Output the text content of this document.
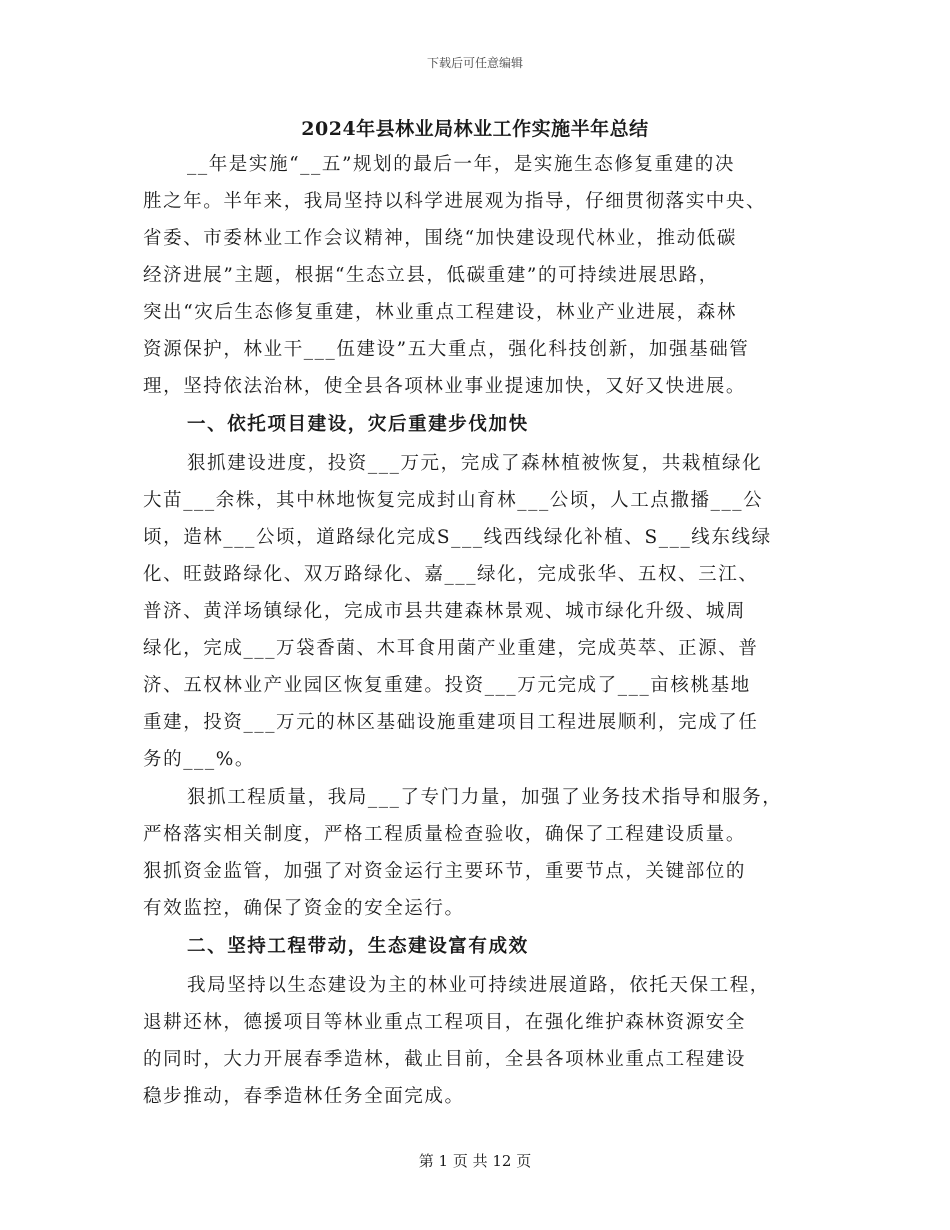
下载后可任意编辑
2024年县林业局林业工作实施半年总结
__年是实施“__五”规划的最后一年，是实施生态修复重建的决
胜之年。半年来，我局坚持以科学进展观为指导，仔细贯彻落实中央、
省委、市委林业工作会议精神，围绕“加快建设现代林业，推动低碳
经济进展”主题，根据“生态立县，低碳重建”的可持续进展思路，
突出“灾后生态修复重建，林业重点工程建设，林业产业进展，森林
资源保护，林业干___伍建设”五大重点，强化科技创新，加强基础管
理，坚持依法治林，使全县各项林业事业提速加快，又好又快进展。
一、依托项目建设，灾后重建步伐加快
狠抓建设进度，投资___万元，完成了森林植被恢复，共栽植绿化
大苗___余株，其中林地恢复完成封山育林___公顷，人工点撒播___公
顷，造林___公顷，道路绿化完成S___线西线绿化补植、S___线东线绿
化、旺鼓路绿化、双万路绿化、嘉___绿化，完成张华、五权、三江、
普济、黄洋场镇绿化，完成市县共建森林景观、城市绿化升级、城周
绿化，完成___万袋香菌、木耳食用菌产业重建，完成英萃、正源、普
济、五权林业产业园区恢复重建。投资___万元完成了___亩核桃基地
重建，投资___万元的林区基础设施重建项目工程进展顺利，完成了任
务的___%。
狠抓工程质量，我局___了专门力量，加强了业务技术指导和服务，
严格落实相关制度，严格工程质量检查验收，确保了工程建设质量。
狠抓资金监管，加强了对资金运行主要环节，重要节点，关键部位的
有效监控，确保了资金的安全运行。
二、坚持工程带动，生态建设富有成效
我局坚持以生态建设为主的林业可持续进展道路，依托天保工程，
退耕还林，德援项目等林业重点工程项目，在强化维护森林资源安全
的同时，大力开展春季造林，截止目前，全县各项林业重点工程建设
稳步推动，春季造林任务全面完成。
第 1 页 共 12 页
